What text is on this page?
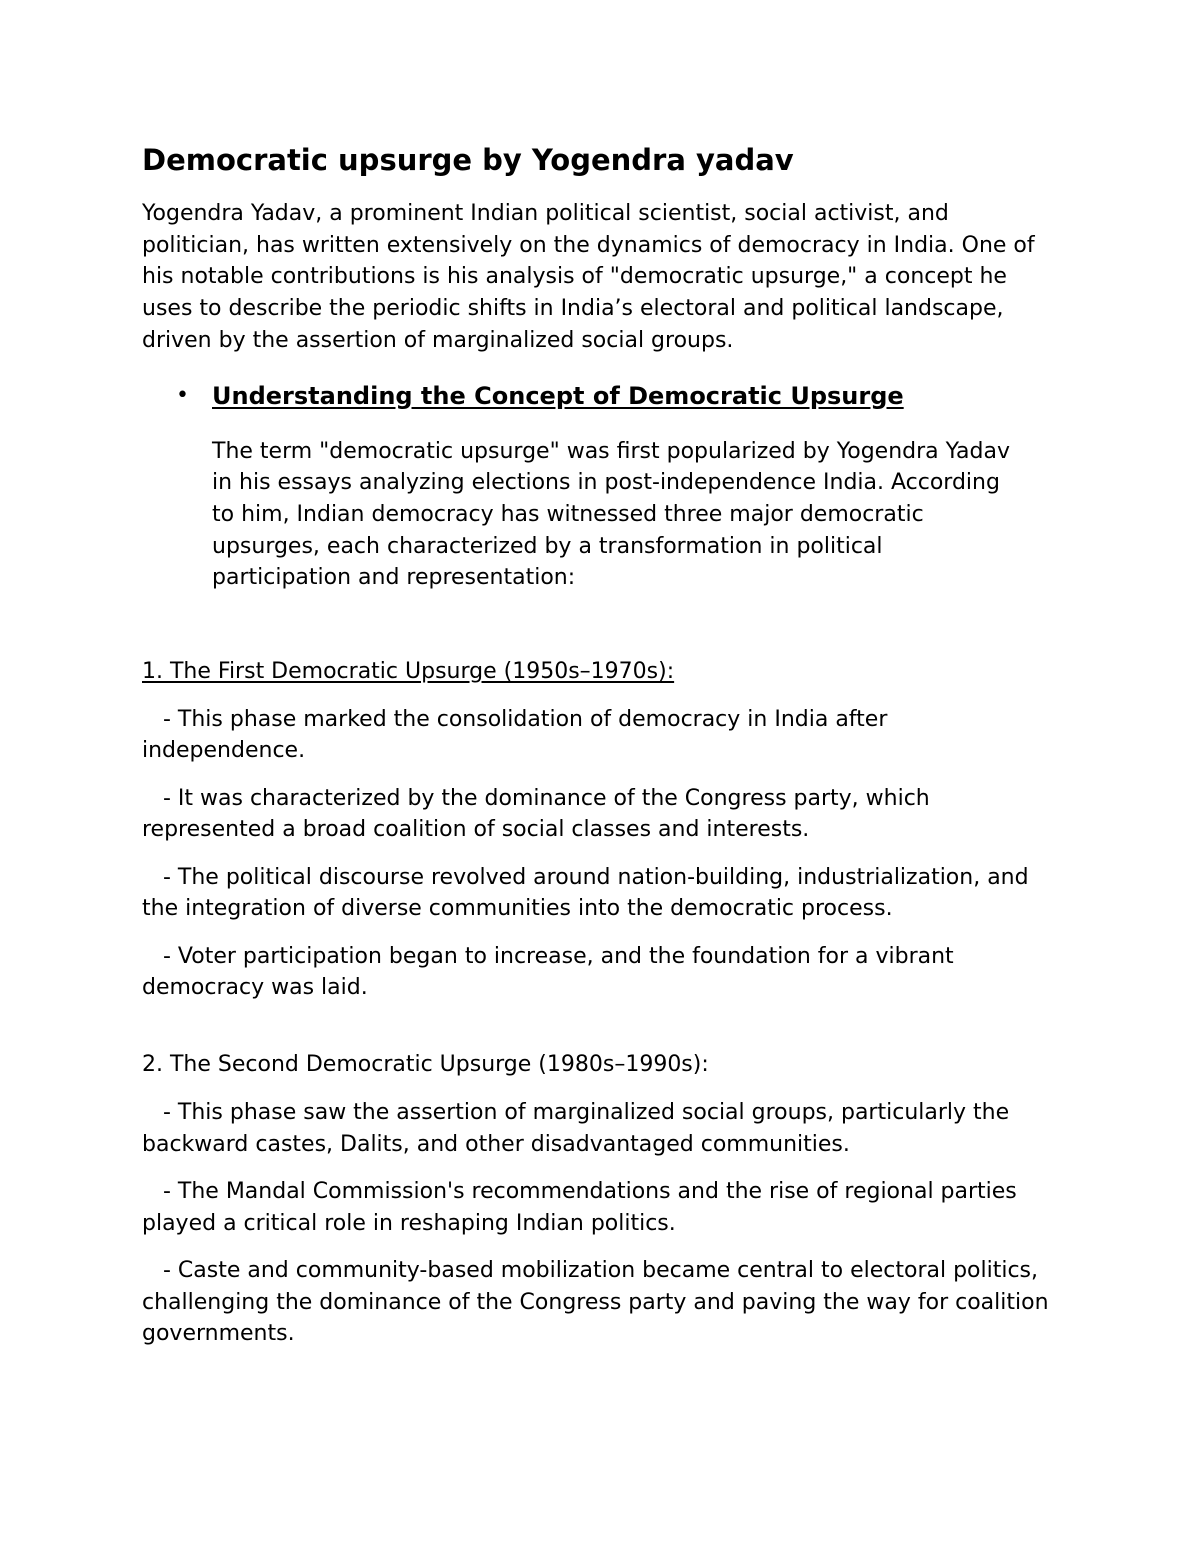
Democratic upsurge by Yogendra yadav

Yogendra Yadav, a prominent Indian political scientist, social activist, and politician, has written extensively on the dynamics of democracy in India. One of his notable contributions is his analysis of "democratic upsurge," a concept he uses to describe the periodic shifts in India’s electoral and political landscape, driven by the assertion of marginalized social groups.

• Understanding the Concept of Democratic Upsurge

The term "democratic upsurge" was first popularized by Yogendra Yadav in his essays analyzing elections in post-independence India. According to him, Indian democracy has witnessed three major democratic upsurges, each characterized by a transformation in political participation and representation:

1. The First Democratic Upsurge (1950s–1970s):

- This phase marked the consolidation of democracy in India after independence.

- It was characterized by the dominance of the Congress party, which represented a broad coalition of social classes and interests.

- The political discourse revolved around nation-building, industrialization, and the integration of diverse communities into the democratic process.

- Voter participation began to increase, and the foundation for a vibrant democracy was laid.

2. The Second Democratic Upsurge (1980s–1990s):

- This phase saw the assertion of marginalized social groups, particularly the backward castes, Dalits, and other disadvantaged communities.

- The Mandal Commission's recommendations and the rise of regional parties played a critical role in reshaping Indian politics.

- Caste and community-based mobilization became central to electoral politics, challenging the dominance of the Congress party and paving the way for coalition governments.
